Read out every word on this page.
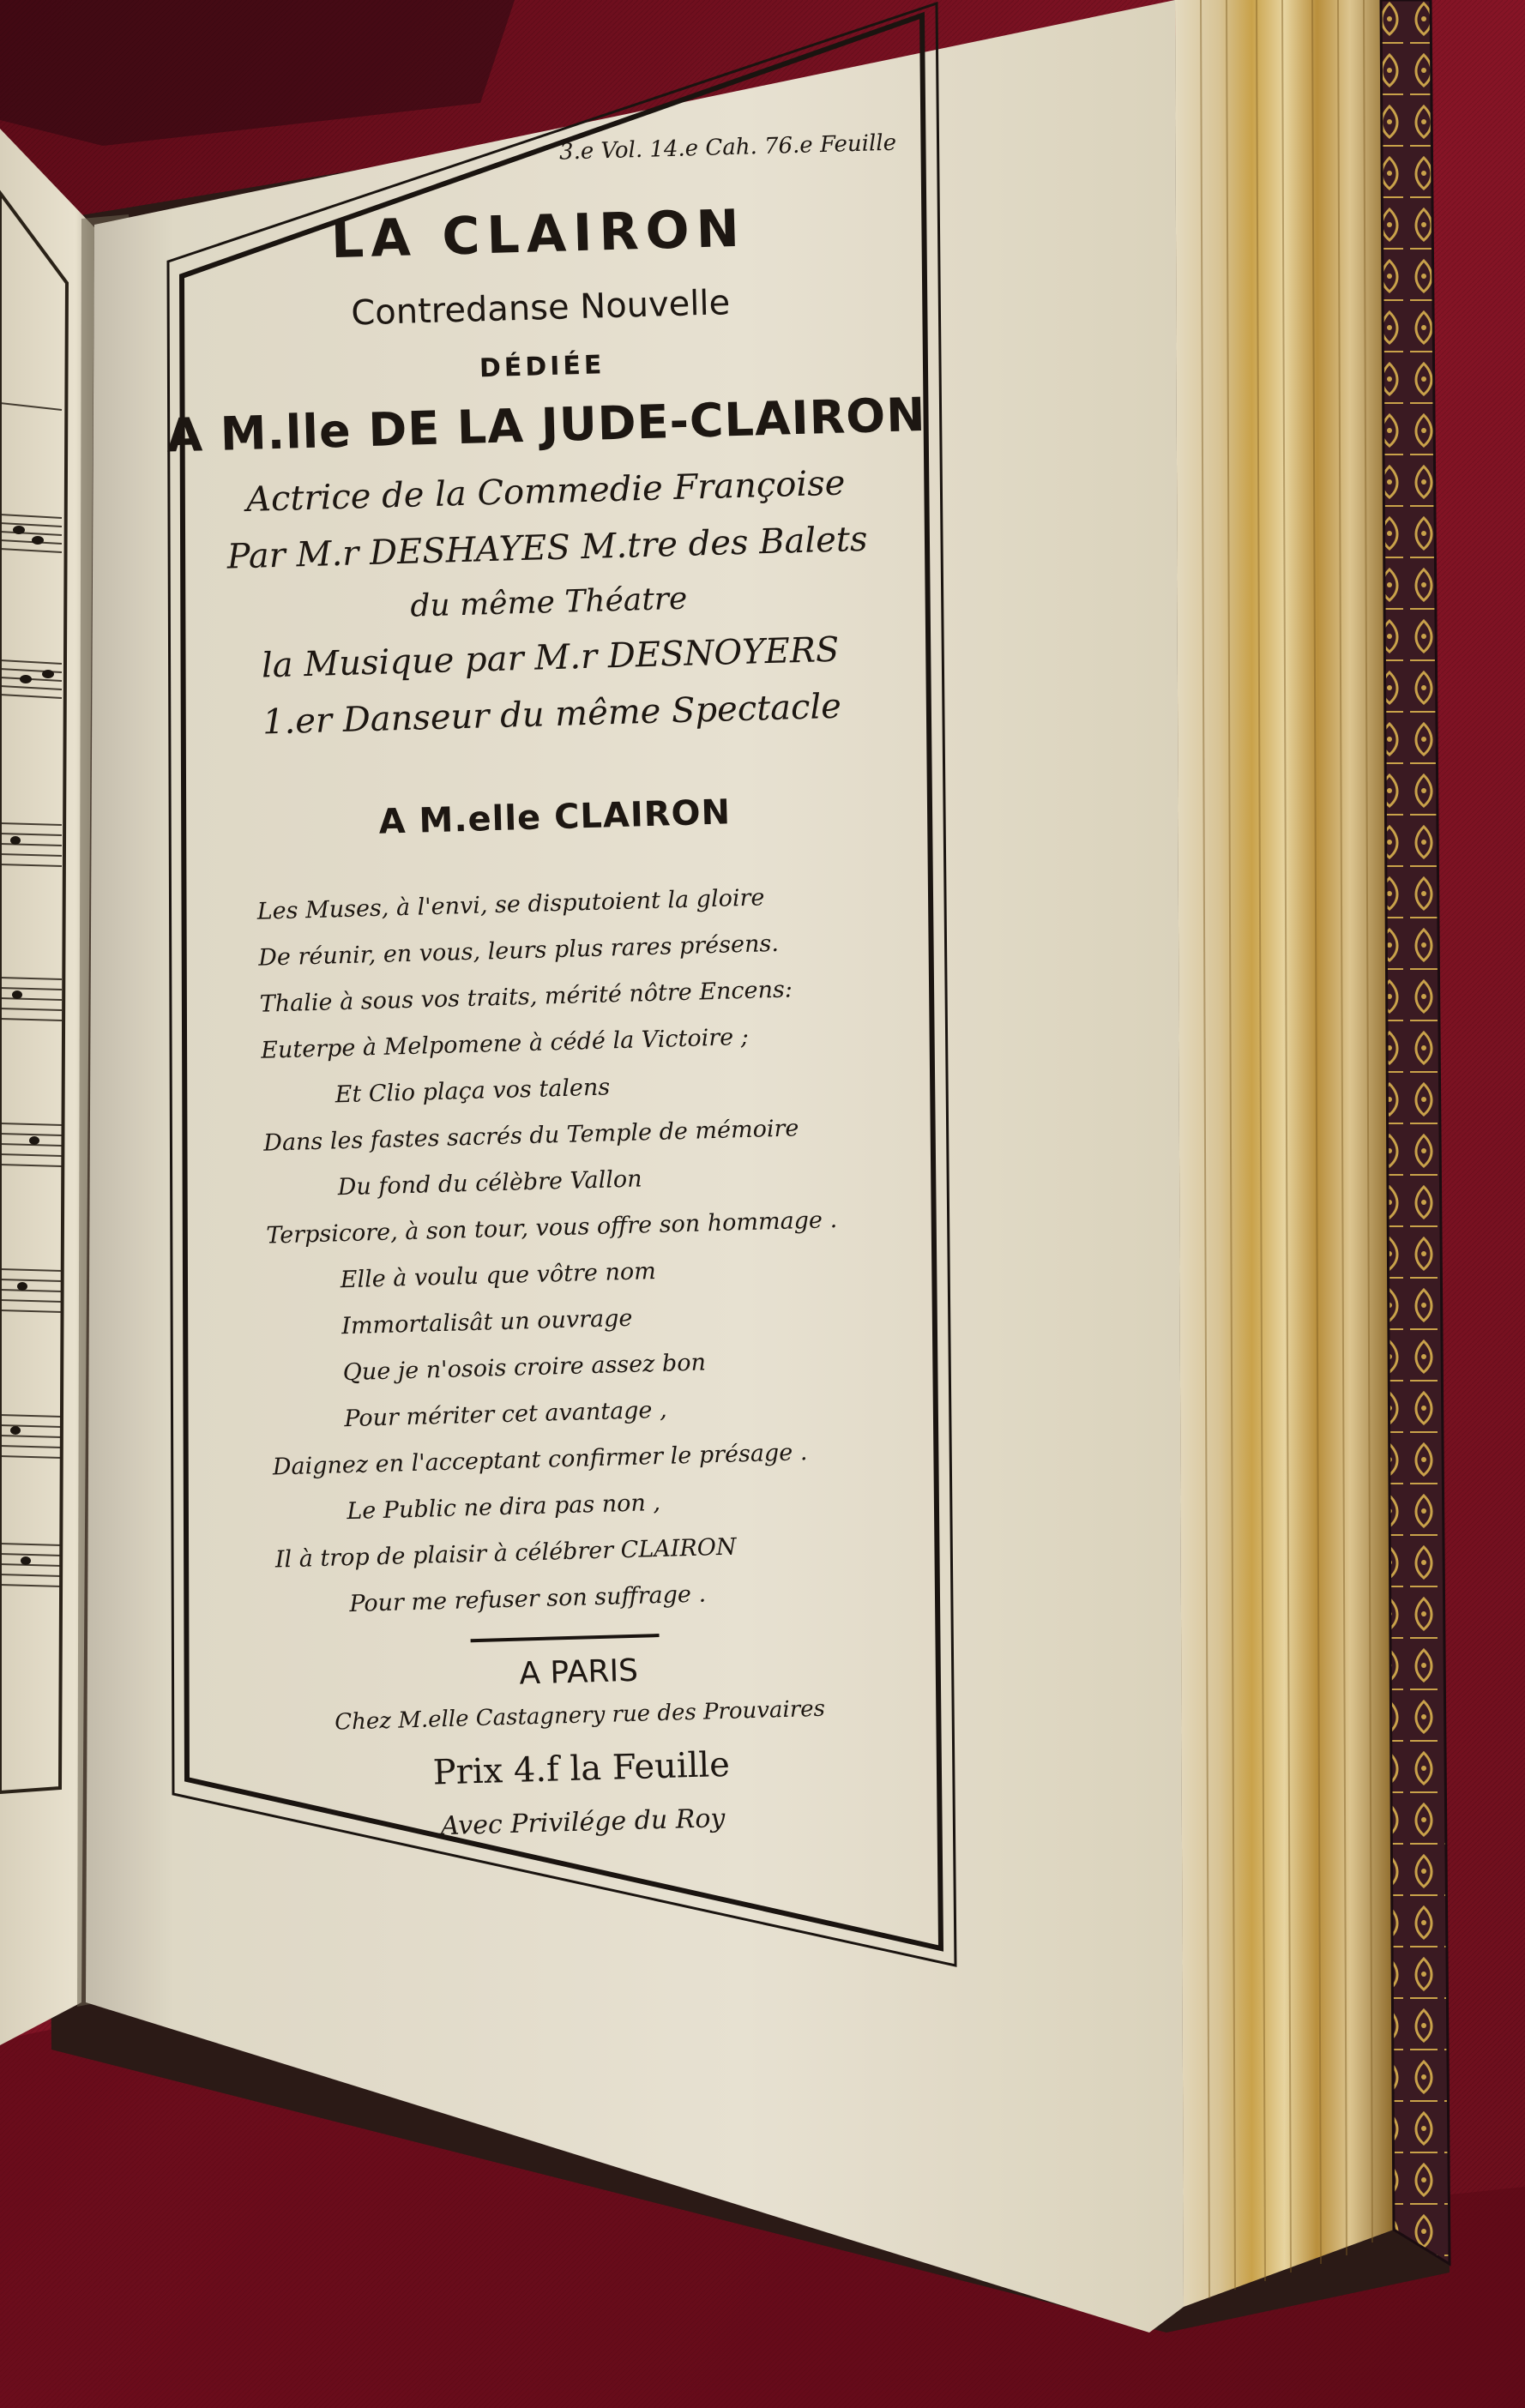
3.e Vol. 14.e Cah. 76.e Feuille
LA CLAIRON
Contredanse Nouvelle
DÉDIÉE
A M.lle DE LA JUDE-CLAIRON
Actrice de la Commedie Françoise
Par M.r DESHAYES M.tre des Balets
du même Théatre
la Musique par M.r DESNOYERS
1.er Danseur du même Spectacle
A M.elle CLAIRON
Les Muses, à l'envi, se disputoient la gloire
De réunir, en vous, leurs plus rares présens.
Thalie à sous vos traits, mérité nôtre Encens:
Euterpe à Melpomene à cédé la Victoire ;
Et Clio plaça vos talens
Dans les fastes sacrés du Temple de mémoire
Du fond du célèbre Vallon
Terpsicore, à son tour, vous offre son hommage .
Elle à voulu que vôtre nom
Immortalisât un ouvrage
Que je n'osois croire assez bon
Pour mériter cet avantage ,
Daignez en l'acceptant confirmer le présage .
Le Public ne dira pas non ,
Il à trop de plaisir à célébrer CLAIRON
Pour me refuser son suffrage .
A PARIS
Chez M.elle Castagnery rue des Prouvaires
Prix 4.f la Feuille
Avec Privilége du Roy
